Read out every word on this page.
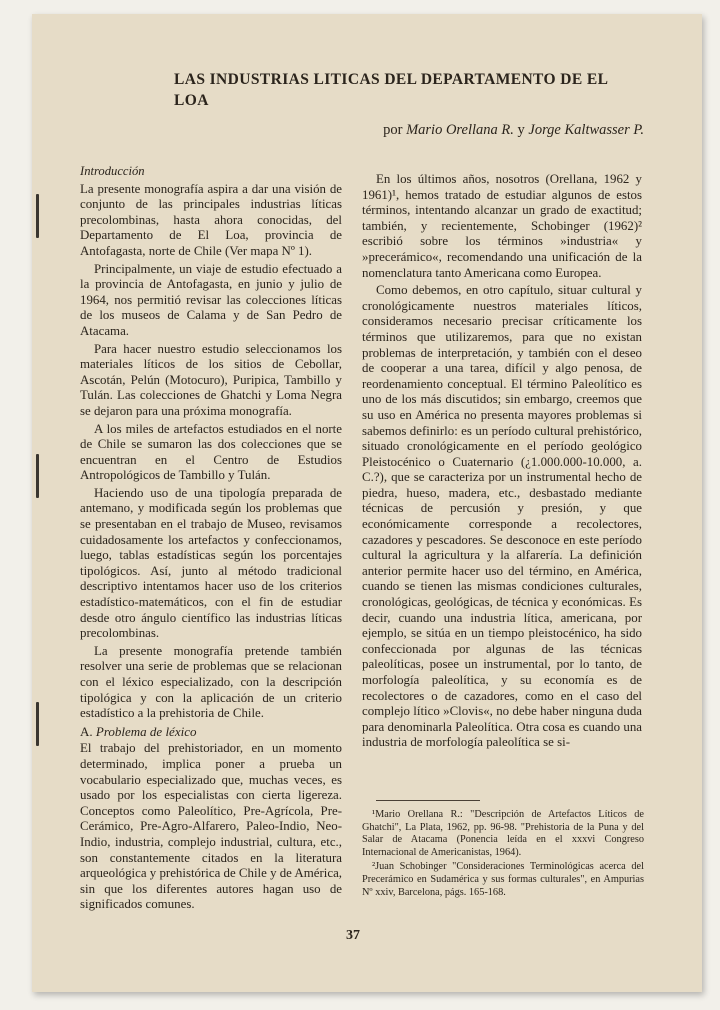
LAS INDUSTRIAS LITICAS DEL DEPARTAMENTO DE EL LOA
por Mario Orellana R. y Jorge Kaltwasser P.

Introducción

La presente monografía aspira a dar una visión de conjunto de las principales industrias líticas precolombinas, hasta ahora conocidas, del Departamento de El Loa, provincia de Antofagasta, norte de Chile (Ver mapa Nº 1).

Principalmente, un viaje de estudio efectuado a la provincia de Antofagasta, en junio y julio de 1964, nos permitió revisar las colecciones líticas de los museos de Calama y de San Pedro de Atacama.

Para hacer nuestro estudio seleccionamos los materiales líticos de los sitios de Cebollar, Ascotán, Pelún (Motocuro), Puripica, Tambillo y Tulán. Las colecciones de Ghatchi y Loma Negra se dejaron para una próxima monografía.

A los miles de artefactos estudiados en el norte de Chile se sumaron las dos colecciones que se encuentran en el Centro de Estudios Antropológicos de Tambillo y Tulán.

Haciendo uso de una tipología preparada de antemano, y modificada según los problemas que se presentaban en el trabajo de Museo, revisamos cuidadosamente los artefactos y confeccionamos, luego, tablas estadísticas según los porcentajes tipológicos. Así, junto al método tradicional descriptivo intentamos hacer uso de los criterios estadístico-matemáticos, con el fin de estudiar desde otro ángulo científico las industrias líticas precolombinas.

La presente monografía pretende también resolver una serie de problemas que se relacionan con el léxico especializado, con la descripción tipológica y con la aplicación de un criterio estadístico a la prehistoria de Chile.

A. Problema de léxico

El trabajo del prehistoriador, en un momento determinado, implica poner a prueba un vocabulario especializado que, muchas veces, es usado por los especialistas con cierta ligereza. Conceptos como Paleolítico, Pre-Agrícola, Pre-Cerámico, Pre-Agro-Alfarero, Paleo-Indio, Neo-Indio, industria, complejo industrial, cultura, etc., son constantemente citados en la literatura arqueológica y prehistórica de Chile y de América, sin que los diferentes autores hagan uso de significados comunes.

En los últimos años, nosotros (Orellana, 1962 y 1961)¹, hemos tratado de estudiar algunos de estos términos, intentando alcanzar un grado de exactitud; también, y recientemente, Schobinger (1962)² escribió sobre los términos »industria« y »precerámico«, recomendando una unificación de la nomenclatura tanto Americana como Europea.

Como debemos, en otro capítulo, situar cultural y cronológicamente nuestros materiales líticos, consideramos necesario precisar críticamente los términos que utilizaremos, para que no existan problemas de interpretación, y también con el deseo de cooperar a una tarea, difícil y algo penosa, de reordenamiento conceptual. El término Paleolítico es uno de los más discutidos; sin embargo, creemos que su uso en América no presenta mayores problemas si sabemos definirlo: es un período cultural prehistórico, situado cronológicamente en el período geológico Pleistocénico o Cuaternario (¿1.000.000-10.000, a. C.?), que se caracteriza por un instrumental hecho de piedra, hueso, madera, etc., desbastado mediante técnicas de percusión y presión, y que económicamente corresponde a recolectores, cazadores y pescadores. Se desconoce en este período cultural la agricultura y la alfarería. La definición anterior permite hacer uso del término, en América, cuando se tienen las mismas condiciones culturales, cronológicas, geológicas, de técnica y económicas. Es decir, cuando una industria lítica, americana, por ejemplo, se sitúa en un tiempo pleistocénico, ha sido confeccionada por algunas de las técnicas paleolíticas, posee un instrumental, por lo tanto, de morfología paleolítica, y su economía es de recolectores o de cazadores, como en el caso del complejo lítico »Clovis«, no debe haber ninguna duda para denominarla Paleolítica. Otra cosa es cuando una industria de morfología paleolítica se si-

¹Mario Orellana R.: "Descripción de Artefactos Líticos de Ghatchi", La Plata, 1962, pp. 96-98. "Prehistoria de la Puna y del Salar de Atacama (Ponencia leída en el xxxvi Congreso Internacional de Americanistas, 1964).

²Juan Schobinger "Consideraciones Terminológicas acerca del Precerámico en Sudamérica y sus formas culturales", en Ampurias Nº xxiv, Barcelona, págs. 165-168.

37
